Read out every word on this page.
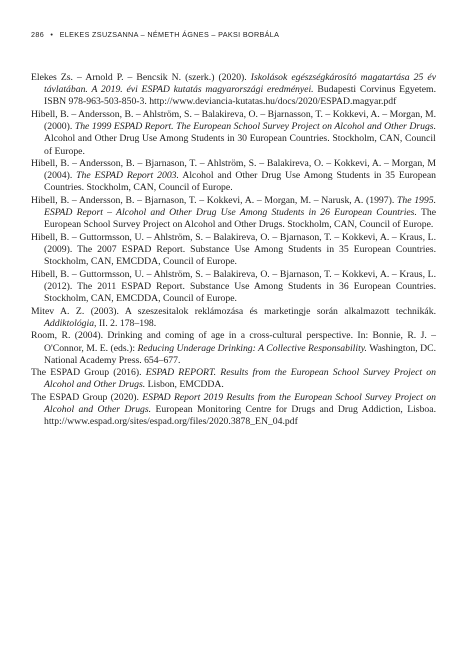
286 • ELEKES ZSUZSANNA – NÉMETH ÁGNES – PAKSI BORBÁLA
Elekes Zs. – Arnold P. – Bencsik N. (szerk.) (2020). Iskolások egészségkárosító magatartása 25 év távlatában. A 2019. évi ESPAD kutatás magyarországi eredményei. Budapesti Corvinus Egyetem. ISBN 978-963-503-850-3. http://www.deviancia-kutatas.hu/docs/2020/ESPAD.magyar.pdf
Hibell, B. – Andersson, B. – Ahlström, S. – Balakireva, O. – Bjarnasson, T. – Kokkevi, A. – Morgan, M. (2000). The 1999 ESPAD Report. The European School Survey Project on Alcohol and Other Drugs. Alcohol and Other Drug Use Among Students in 30 European Countries. Stockholm, CAN, Council of Europe.
Hibell, B. – Andersson, B. – Bjarnason, T. – Ahlström, S. – Balakireva, O. – Kokkevi, A. – Morgan, M (2004). The ESPAD Report 2003. Alcohol and Other Drug Use Among Students in 35 European Countries. Stockholm, CAN, Council of Europe.
Hibell, B. – Andersson, B. – Bjarnason, T. – Kokkevi, A. – Morgan, M. – Narusk, A. (1997). The 1995. ESPAD Report – Alcohol and Other Drug Use Among Students in 26 European Countries. The European School Survey Project on Alcohol and Other Drugs. Stockholm, CAN, Council of Europe.
Hibell, B. – Guttormsson, U. – Ahlström, S. – Balakireva, O. – Bjarnason, T. – Kokkevi, A. – Kraus, L. (2009). The 2007 ESPAD Report. Substance Use Among Students in 35 European Countries. Stockholm, CAN, EMCDDA, Council of Europe.
Hibell, B. – Guttormsson, U. – Ahlström, S. – Balakireva, O. – Bjarnason, T. – Kokkevi, A. – Kraus, L. (2012). The 2011 ESPAD Report. Substance Use Among Students in 36 European Countries. Stockholm, CAN, EMCDDA, Council of Europe.
Mitev A. Z. (2003). A szeszesitalok reklámozása és marketingje során alkalmazott technikák. Addiktológia, II. 2. 178–198.
Room, R. (2004). Drinking and coming of age in a cross-cultural perspective. In: Bonnie, R. J. – O'Connor, M. E. (eds.): Reducing Underage Drinking: A Collective Responsability. Washington, DC. National Academy Press. 654–677.
The ESPAD Group (2016). ESPAD REPORT. Results from the European School Survey Project on Alcohol and Other Drugs. Lisbon, EMCDDA.
The ESPAD Group (2020). ESPAD Report 2019 Results from the European School Survey Project on Alcohol and Other Drugs. European Monitoring Centre for Drugs and Drug Addiction, Lisboa. http://www.espad.org/sites/espad.org/files/2020.3878_EN_04.pdf
